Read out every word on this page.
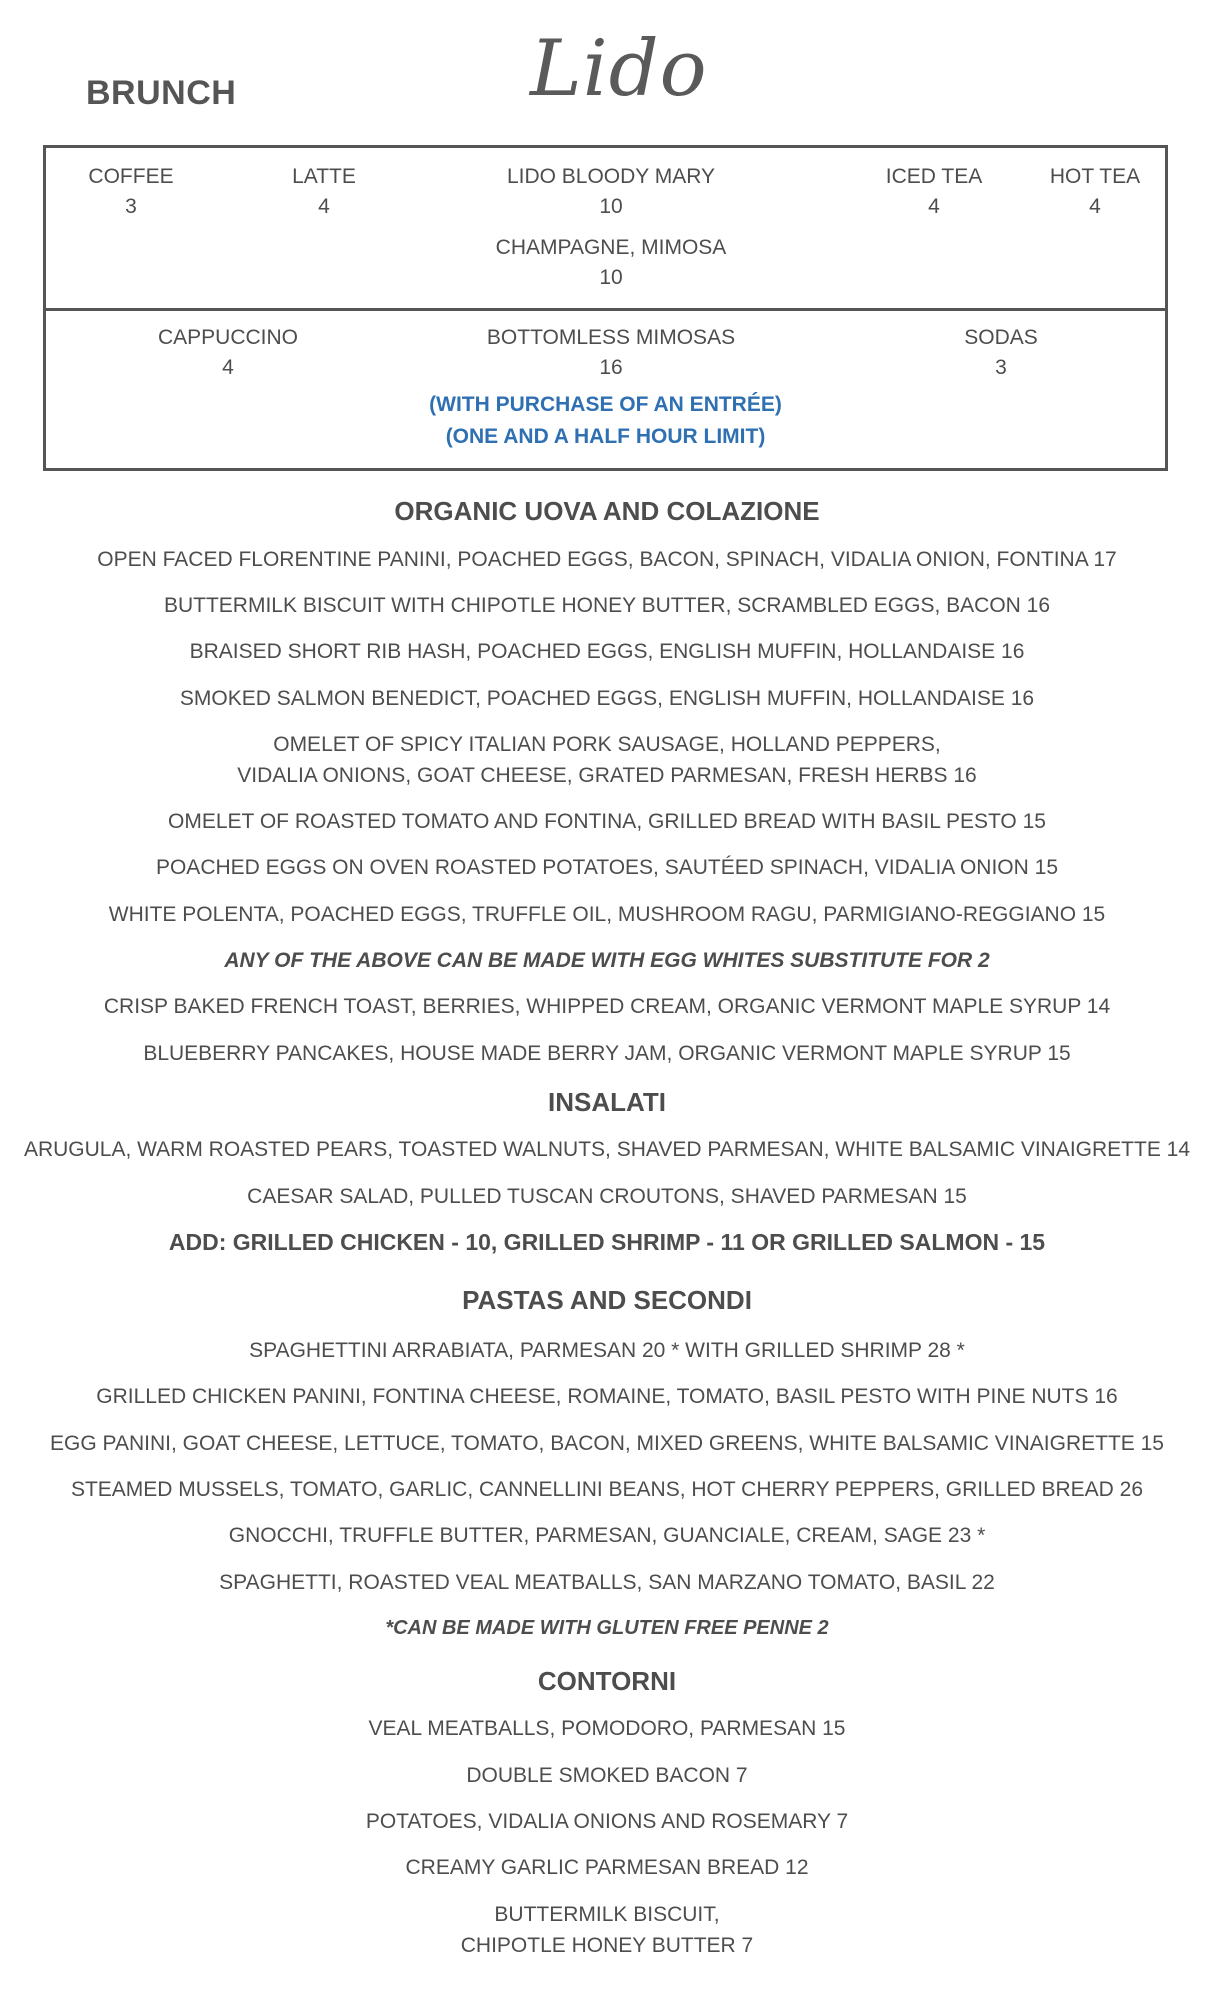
BRUNCH	Lido
COFFEE
3
LATTE
4
LIDO BLOODY MARY
10
ICED TEA
4
HOT TEA
4
CHAMPAGNE, MIMOSA
10
CAPPUCCINO
4
BOTTOMLESS MIMOSAS
16
SODAS
3
(WITH PURCHASE OF AN ENTRÉE)
(ONE AND A HALF HOUR LIMIT)
ORGANIC UOVA AND COLAZIONE
OPEN FACED FLORENTINE PANINI, POACHED EGGS, BACON, SPINACH, VIDALIA ONION, FONTINA 17
BUTTERMILK BISCUIT WITH CHIPOTLE HONEY BUTTER, SCRAMBLED EGGS, BACON 16
BRAISED SHORT RIB HASH, POACHED EGGS, ENGLISH MUFFIN, HOLLANDAISE 16
SMOKED SALMON BENEDICT, POACHED EGGS, ENGLISH MUFFIN, HOLLANDAISE 16
OMELET OF SPICY ITALIAN PORK SAUSAGE, HOLLAND PEPPERS,
VIDALIA ONIONS, GOAT CHEESE, GRATED PARMESAN, FRESH HERBS 16
OMELET OF ROASTED TOMATO AND FONTINA, GRILLED BREAD WITH BASIL PESTO 15
POACHED EGGS ON OVEN ROASTED POTATOES, SAUTÉED SPINACH, VIDALIA ONION 15
WHITE POLENTA, POACHED EGGS, TRUFFLE OIL, MUSHROOM RAGU, PARMIGIANO-REGGIANO 15
ANY OF THE ABOVE CAN BE MADE WITH EGG WHITES SUBSTITUTE FOR 2
CRISP BAKED FRENCH TOAST, BERRIES, WHIPPED CREAM, ORGANIC VERMONT MAPLE SYRUP 14
BLUEBERRY PANCAKES, HOUSE MADE BERRY JAM, ORGANIC VERMONT MAPLE SYRUP 15
INSALATI
ARUGULA, WARM ROASTED PEARS, TOASTED WALNUTS, SHAVED PARMESAN, WHITE BALSAMIC VINAIGRETTE 14
CAESAR SALAD, PULLED TUSCAN CROUTONS, SHAVED PARMESAN 15
ADD: GRILLED CHICKEN - 10, GRILLED SHRIMP - 11 OR GRILLED SALMON - 15
PASTAS AND SECONDI
SPAGHETTINI ARRABIATA, PARMESAN 20 * WITH GRILLED SHRIMP 28 *
GRILLED CHICKEN PANINI, FONTINA CHEESE, ROMAINE, TOMATO, BASIL PESTO WITH PINE NUTS 16
EGG PANINI, GOAT CHEESE, LETTUCE, TOMATO, BACON, MIXED GREENS, WHITE BALSAMIC VINAIGRETTE 15
STEAMED MUSSELS, TOMATO, GARLIC, CANNELLINI BEANS, HOT CHERRY PEPPERS, GRILLED BREAD 26
GNOCCHI, TRUFFLE BUTTER, PARMESAN, GUANCIALE, CREAM, SAGE 23 *
SPAGHETTI, ROASTED VEAL MEATBALLS, SAN MARZANO TOMATO, BASIL 22
*CAN BE MADE WITH GLUTEN FREE PENNE 2
CONTORNI
VEAL MEATBALLS, POMODORO, PARMESAN 15
DOUBLE SMOKED BACON 7
POTATOES, VIDALIA ONIONS AND ROSEMARY 7
CREAMY GARLIC PARMESAN BREAD 12
BUTTERMILK BISCUIT,
CHIPOTLE HONEY BUTTER 7
